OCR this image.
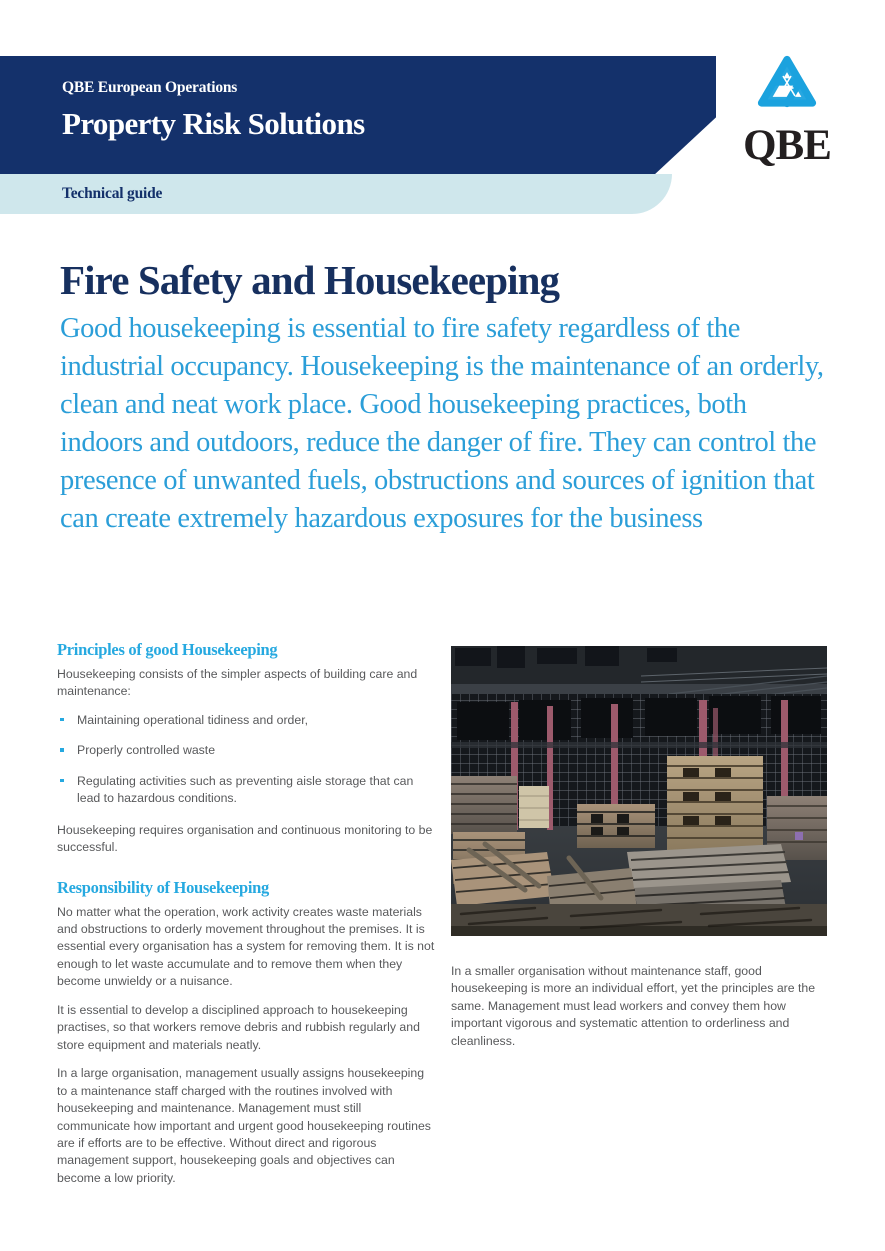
QBE European Operations

Property Risk Solutions

Technical guide
QBE
Fire Safety and Housekeeping

Good housekeeping is essential to fire safety regardless of the industrial occupancy. Housekeeping is the maintenance of an orderly, clean and neat work place. Good housekeeping practices, both indoors and outdoors, reduce the danger of fire. They can control the presence of unwanted fuels, obstructions and sources of ignition that can create extremely hazardous exposures for the business

Principles of good Housekeeping

Housekeeping consists of the simpler aspects of building care and maintenance:

Maintaining operational tidiness and order,
Properly controlled waste
Regulating activities such as preventing aisle storage that can lead to hazardous conditions.

Housekeeping requires organisation and continuous monitoring to be successful.

Responsibility of Housekeeping

No matter what the operation, work activity creates waste materials and obstructions to orderly movement throughout the premises. It is essential every organisation has a system for removing them. It is not enough to let waste accumulate and to remove them when they become unwieldy or a nuisance.

It is essential to develop a disciplined approach to housekeeping practises, so that workers remove debris and rubbish regularly and store equipment and materials neatly.

In a large organisation, management usually assigns housekeeping to a maintenance staff charged with the routines involved with housekeeping and maintenance. Management must still communicate how important and urgent good housekeeping routines are if efforts are to be effective. Without direct and rigorous management support, housekeeping goals and objectives can become a low priority.

In a smaller organisation without maintenance staff, good housekeeping is more an individual effort, yet the principles are the same. Management must lead workers and convey them how important vigorous and systematic attention to orderliness and cleanliness.
